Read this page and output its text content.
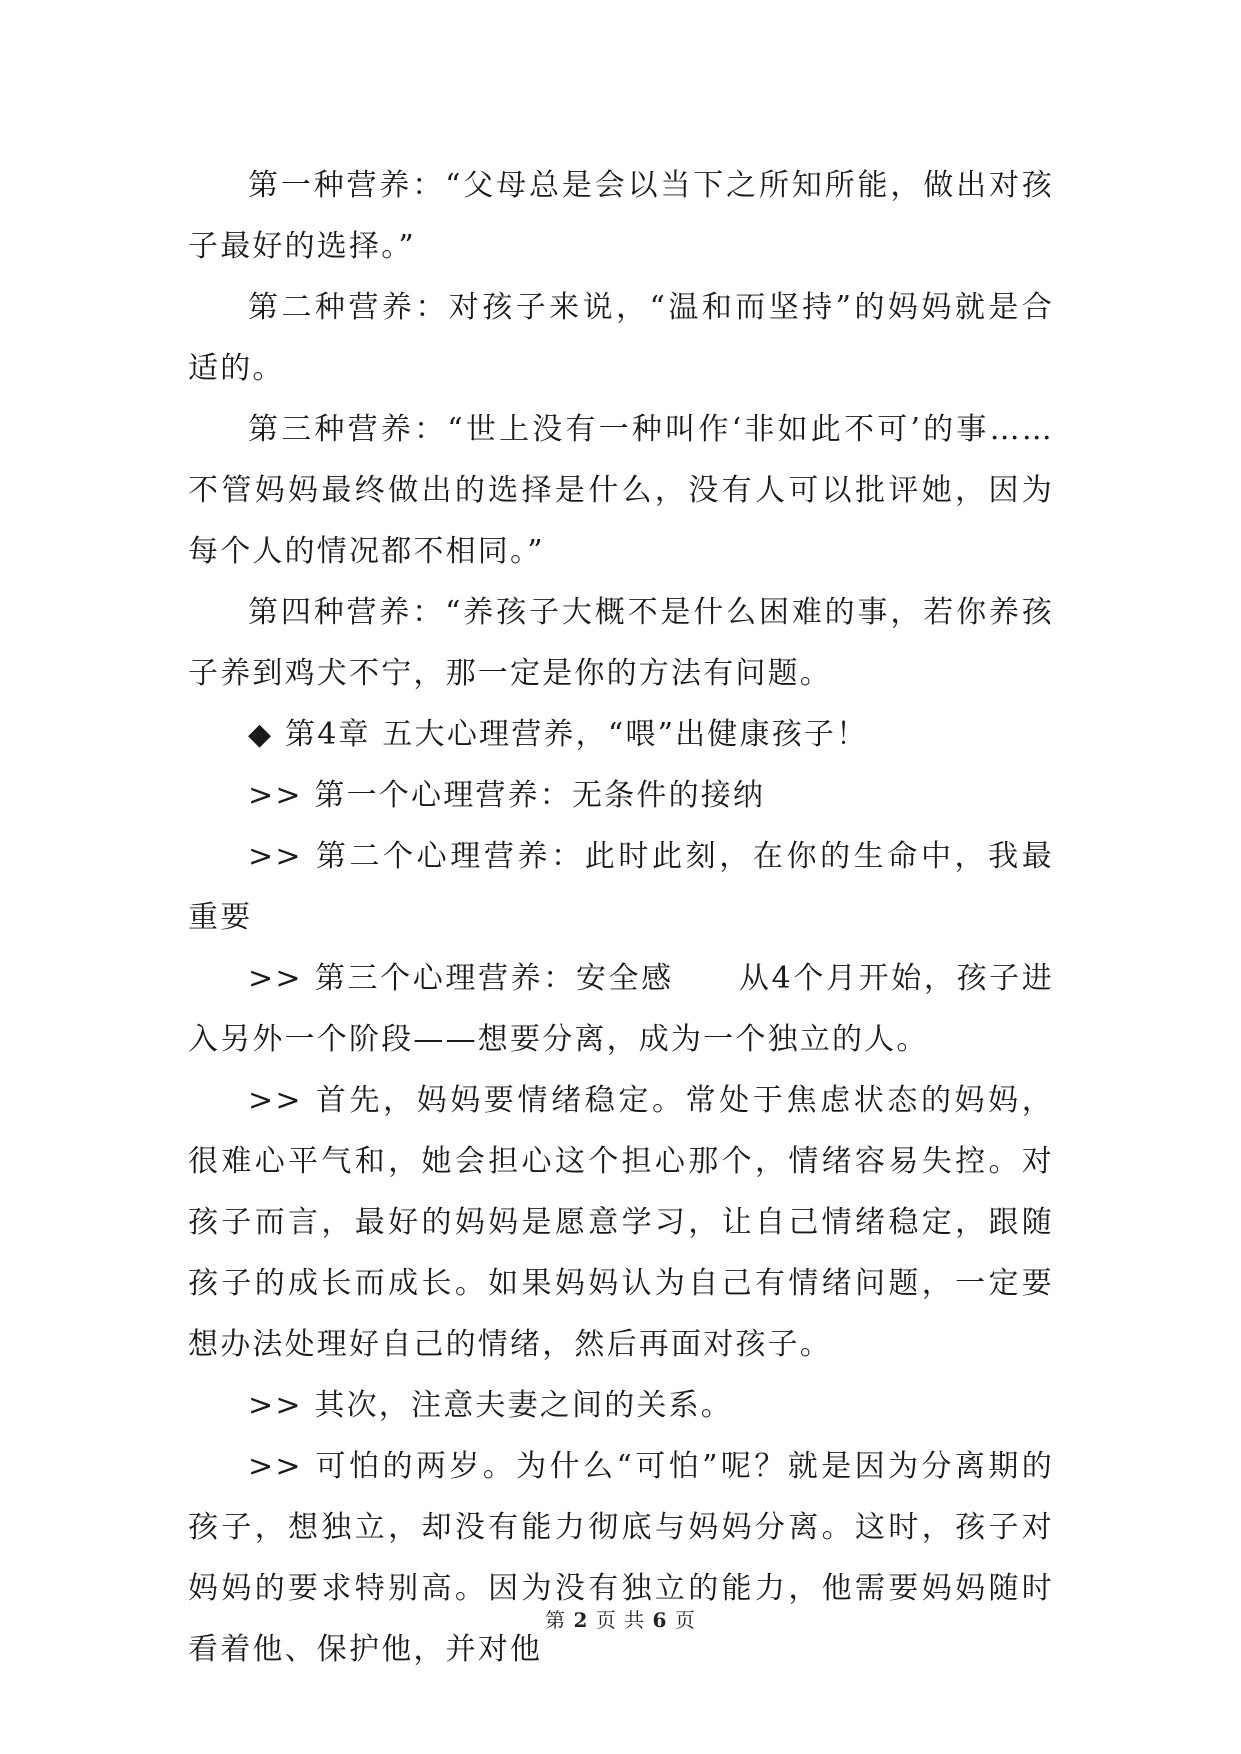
第一种营养：“父母总是会以当下之所知所能，做出对孩子最好的选择。”

第二种营养：对孩子来说，“温和而坚持”的妈妈就是合适的。

第三种营养：“世上没有一种叫作‘非如此不可’的事……不管妈妈最终做出的选择是什么，没有人可以批评她，因为每个人的情况都不相同。”

第四种营养：“养孩子大概不是什么困难的事，若你养孩子养到鸡犬不宁，那一定是你的方法有问题。

◆ 第4章 五大心理营养，“喂”出健康孩子！

>> 第一个心理营养：无条件的接纳

>> 第二个心理营养：此时此刻，在你的生命中，我最重要

>> 第三个心理营养：安全感　　从4个月开始，孩子进入另外一个阶段——想要分离，成为一个独立的人。

>> 首先，妈妈要情绪稳定。常处于焦虑状态的妈妈，很难心平气和，她会担心这个担心那个，情绪容易失控。对孩子而言，最好的妈妈是愿意学习，让自己情绪稳定，跟随孩子的成长而成长。如果妈妈认为自己有情绪问题，一定要想办法处理好自己的情绪，然后再面对孩子。

>> 其次，注意夫妻之间的关系。

>> 可怕的两岁。为什么“可怕”呢？就是因为分离期的孩子，想独立，却没有能力彻底与妈妈分离。这时，孩子对妈妈的要求特别高。因为没有独立的能力，他需要妈妈随时看着他、保护他，并对他

第 2 页 共 6 页
